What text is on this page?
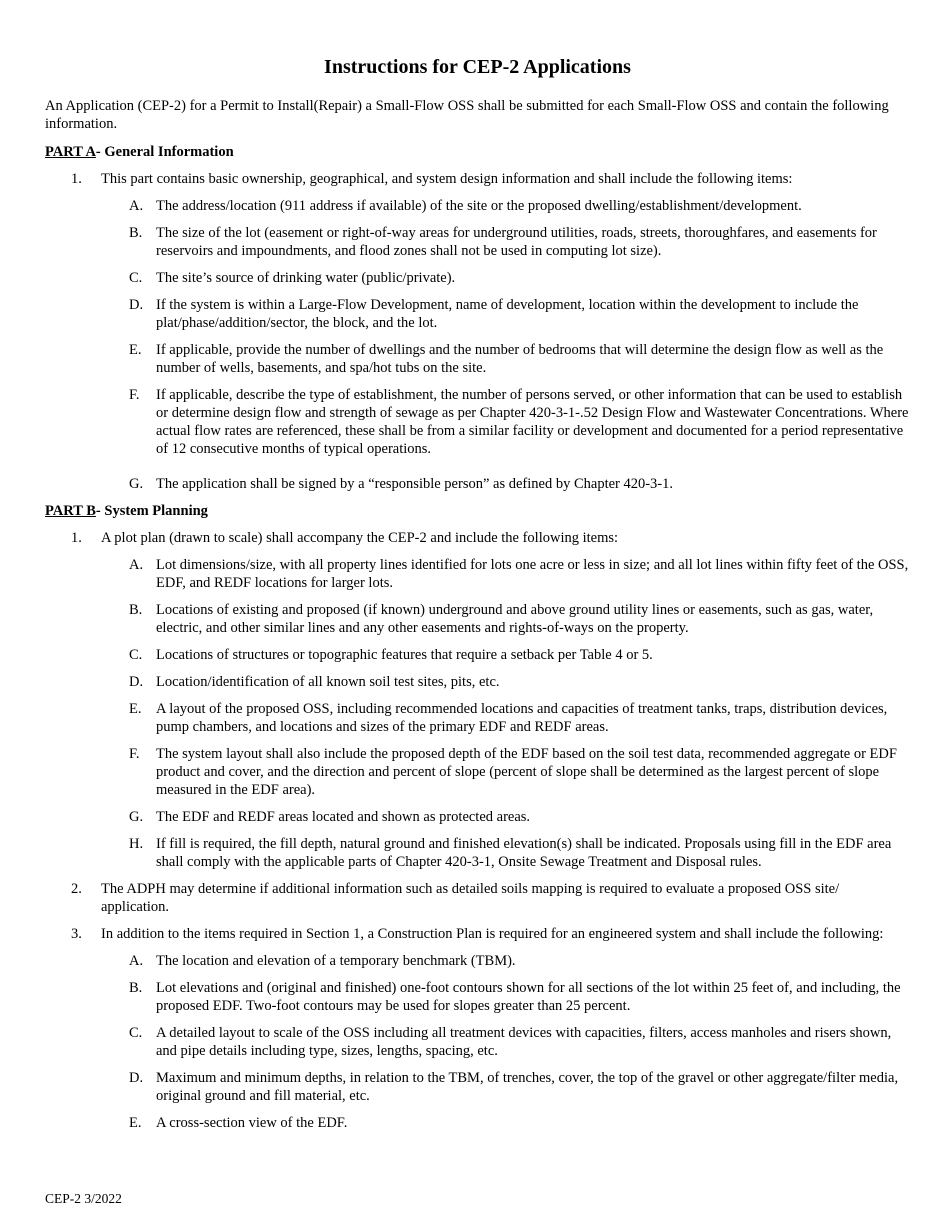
Instructions for CEP-2 Applications

An Application (CEP-2) for a Permit to Install(Repair) a Small-Flow OSS shall be submitted for each Small-Flow OSS and contain the following information.

PART A- General Information
1. This part contains basic ownership, geographical, and system design information and shall include the following items:
A. The address/location (911 address if available) of the site or the proposed dwelling/establishment/development.
B. The size of the lot (easement or right-of-way areas for underground utilities, roads, streets, thoroughfares, and easements for reservoirs and impoundments, and flood zones shall not be used in computing lot size).
C. The site’s source of drinking water (public/private).
D. If the system is within a Large-Flow Development, name of development, location within the development to include the plat/phase/addition/sector, the block, and the lot.
E. If applicable, provide the number of dwellings and the number of bedrooms that will determine the design flow as well as the number of wells, basements, and spa/hot tubs on the site.
F. If applicable, describe the type of establishment, the number of persons served, or other information that can be used to establish or determine design flow and strength of sewage as per Chapter 420-3-1-.52 Design Flow and Wastewater Concentrations. Where actual flow rates are referenced, these shall be from a similar facility or development and documented for a period representative of 12 consecutive months of typical operations.
G. The application shall be signed by a “responsible person” as defined by Chapter 420-3-1.
PART B- System Planning
1. A plot plan (drawn to scale) shall accompany the CEP-2 and include the following items:
A. Lot dimensions/size, with all property lines identified for lots one acre or less in size; and all lot lines within fifty feet of the OSS, EDF, and REDF locations for larger lots.
B. Locations of existing and proposed (if known) underground and above ground utility lines or easements, such as gas, water,  electric, and other similar lines and any other easements and rights-of-ways on the property.
C. Locations of structures or topographic features that require a setback per Table 4 or 5.
D. Location/identification of all known soil test sites, pits, etc.
E. A layout of the proposed OSS, including recommended locations and capacities of treatment tanks, traps, distribution devices, pump chambers, and locations and sizes of the primary EDF and REDF areas.
F. The system layout shall also include the proposed depth of the EDF based on the soil test data, recommended aggregate or EDF product and cover, and the direction and percent of slope (percent of slope shall be determined as the largest percent of slope measured in the EDF area).
G. The EDF and REDF areas located and shown as protected areas.
H. If fill is required, the fill depth, natural ground and finished elevation(s) shall be indicated. Proposals using fill in the EDF area shall comply with the applicable parts of Chapter 420-3-1, Onsite Sewage Treatment and Disposal rules.
2. The ADPH may determine if additional information such as detailed soils mapping is required to evaluate a proposed OSS site/ application.
3. In addition to the items required in Section 1, a Construction Plan is required for an engineered system and shall include the following:
A. The location and elevation of a temporary benchmark (TBM).
B. Lot elevations and (original and finished) one-foot contours shown for all sections of the lot within 25 feet of, and including, the proposed EDF. Two-foot contours may be used for slopes greater than 25 percent.
C. A detailed layout to scale of the OSS including all treatment devices with capacities, filters, access manholes and risers shown, and pipe details including type, sizes, lengths, spacing, etc.
D. Maximum and minimum depths, in relation to the TBM, of trenches, cover, the top of the gravel or other aggregate/filter media, original ground and fill material, etc.
E. A cross-section view of the EDF.
CEP-2 3/2022
